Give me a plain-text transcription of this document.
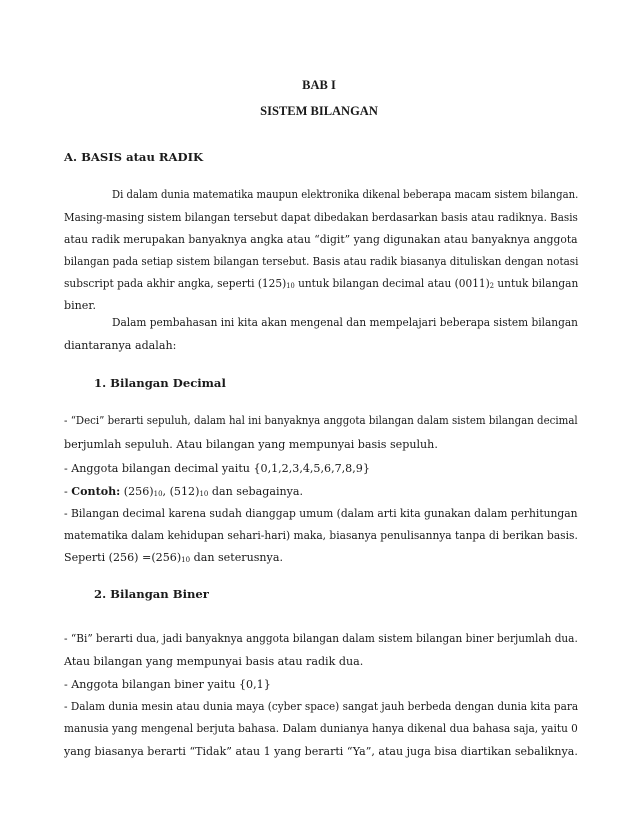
BAB I
SISTEM BILANGAN
A. BASIS atau RADIK
Di dalam dunia matematika maupun elektronika dikenal beberapa macam sistem bilangan.
Masing-masing sistem bilangan tersebut dapat dibedakan berdasarkan basis atau radiknya. Basis
atau radik merupakan banyaknya angka atau “digit” yang digunakan atau banyaknya anggota
bilangan pada setiap sistem bilangan tersebut. Basis atau radik biasanya dituliskan dengan notasi
subscript pada akhir angka, seperti $(125)_{10}$ untuk bilangan decimal atau $(0011)_2$ untuk bilangan
biner.
Dalam pembahasan ini kita akan mengenal dan mempelajari beberapa sistem bilangan
diantaranya adalah:
1. Bilangan Decimal
- “Deci” berarti sepuluh, dalam hal ini banyaknya anggota bilangan dalam sistem bilangan decimal
berjumlah sepuluh. Atau bilangan yang mempunyai basis sepuluh.
- Anggota bilangan decimal yaitu {0,1,2,3,4,5,6,7,8,9}
- Contoh: $(256)_{10}$, $(512)_{10}$ dan sebagainya.
- Bilangan decimal karena sudah dianggap umum (dalam arti kita gunakan dalam perhitungan
matematika dalam kehidupan sehari-hari) maka, biasanya penulisannya tanpa di berikan basis.
Seperti $(256) =(256)_{10}$ dan seterusnya.
2. Bilangan Biner
- “Bi” berarti dua, jadi banyaknya anggota bilangan dalam sistem bilangan biner berjumlah dua.
Atau bilangan yang mempunyai basis atau radik dua.
- Anggota bilangan biner yaitu {0,1}
- Dalam dunia mesin atau dunia maya (cyber space) sangat jauh berbeda dengan dunia kita para
manusia yang mengenal berjuta bahasa. Dalam dunianya hanya dikenal dua bahasa saja, yaitu 0
yang biasanya berarti “Tidak” atau 1 yang berarti “Ya”, atau juga bisa diartikan sebaliknya.
